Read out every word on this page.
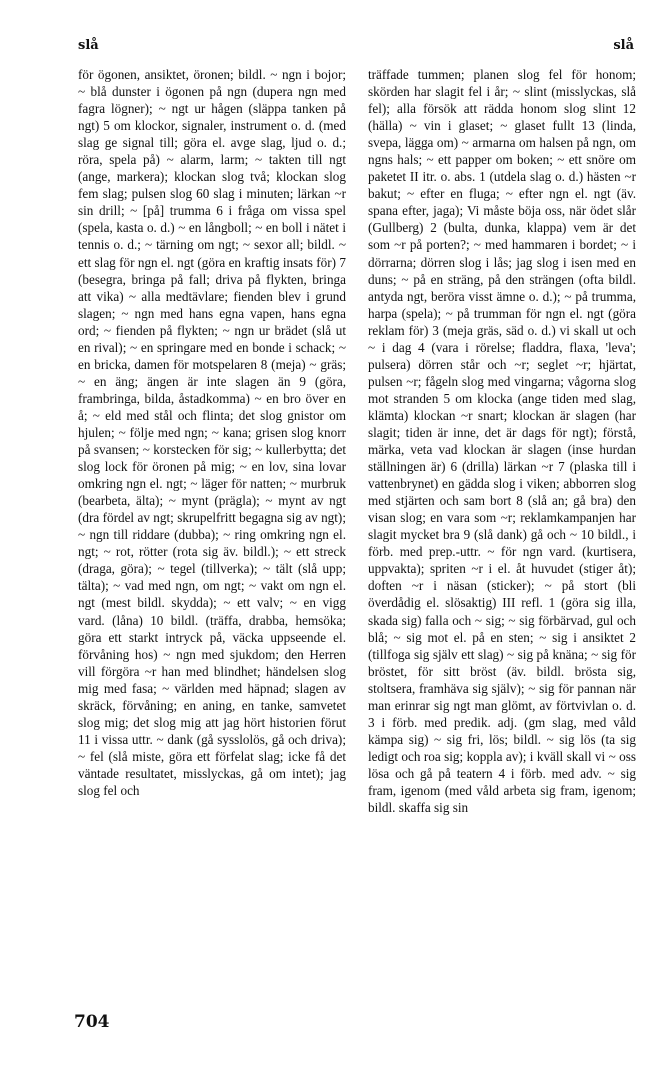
slå	slå

för ögonen, ansiktet, öronen; bildl. ~ ngn i bojor; ~ blå dunster i ögonen på ngn (dupera ngn med fagra lögner); ~ ngt ur hågen (släppa tanken på ngt) 5 om klockor, signaler, instrument o. d. (med slag ge signal till; göra el. avge slag, ljud o. d.; röra, spela på) ~ alarm, larm; ~ takten till ngt (ange, markera); klockan slog två; klockan slog fem slag; pulsen slog 60 slag i minuten; lärkan ~r sin drill; ~ [på] trumma 6 i fråga om vissa spel (spela, kasta o. d.) ~ en långboll; ~ en boll i nätet i tennis o. d.; ~ tärning om ngt; ~ sexor all; bildl. ~ ett slag för ngn el. ngt (göra en kraftig insats för) 7 (besegra, bringa på fall; driva på flykten, bringa att vika) ~ alla medtävlare; fienden blev i grund slagen; ~ ngn med hans egna vapen, hans egna ord; ~ fienden på flykten; ~ ngn ur brädet (slå ut en rival); ~ en springare med en bonde i schack; ~ en bricka, damen för motspelaren 8 (meja) ~ gräs; ~ en äng; ängen är inte slagen än 9 (göra, frambringa, bilda, åstadkomma) ~ en bro över en å; ~ eld med stål och flinta; det slog gnistor om hjulen; ~ följe med ngn; ~ kana; grisen slog knorr på svansen; ~ korstecken för sig; ~ kullerbytta; det slog lock för öronen på mig; ~ en lov, sina lovar omkring ngn el. ngt; ~ läger för natten; ~ murbruk (bearbeta, älta); ~ mynt (prägla); ~ mynt av ngt (dra fördel av ngt; skrupelfritt begagna sig av ngt); ~ ngn till riddare (dubba); ~ ring omkring ngn el. ngt; ~ rot, rötter (rota sig äv. bildl.); ~ ett streck (draga, göra); ~ tegel (tillverka); ~ tält (slå upp; tälta); ~ vad med ngn, om ngt; ~ vakt om ngn el. ngt (mest bildl. skydda); ~ ett valv; ~ en vigg vard. (låna) 10 bildl. (träffa, drabba, hemsöka; göra ett starkt intryck på, väcka uppseende el. förvåning hos) ~ ngn med sjukdom; den Herren vill förgöra ~r han med blindhet; händelsen slog mig med fasa; ~ världen med häpnad; slagen av skräck, förvåning; en aning, en tanke, samvetet slog mig; det slog mig att jag hört historien förut 11 i vissa uttr. ~ dank (gå sysslolös, gå och driva); ~ fel (slå miste, göra ett förfelat slag; icke få det väntade resultatet, misslyckas, gå om intet); jag slog fel och

träffade tummen; planen slog fel för honom; skörden har slagit fel i år; ~ slint (misslyckas, slå fel); alla försök att rädda honom slog slint 12 (hälla) ~ vin i glaset; ~ glaset fullt 13 (linda, svepa, lägga om) ~ armarna om halsen på ngn, om ngns hals; ~ ett papper om boken; ~ ett snöre om paketet II itr. o. abs. 1 (utdela slag o. d.) hästen ~r bakut; ~ efter en fluga; ~ efter ngn el. ngt (äv. spana efter, jaga); Vi måste böja oss, när ödet slår (Gullberg) 2 (bulta, dunka, klappa) vem är det som ~r på porten?; ~ med hammaren i bordet; ~ i dörrarna; dörren slog i lås; jag slog i isen med en duns; ~ på en sträng, på den strängen (ofta bildl. antyda ngt, beröra visst ämne o. d.); ~ på trumma, harpa (spela); ~ på trumman för ngn el. ngt (göra reklam för) 3 (meja gräs, säd o. d.) vi skall ut och ~ i dag 4 (vara i rörelse; fladdra, flaxa, 'leva'; pulsera) dörren står och ~r; seglet ~r; hjärtat, pulsen ~r; fågeln slog med vingarna; vågorna slog mot stranden 5 om klocka (ange tiden med slag, klämta) klockan ~r snart; klockan är slagen (har slagit; tiden är inne, det är dags för ngt); förstå, märka, veta vad klockan är slagen (inse hurdan ställningen är) 6 (drilla) lärkan ~r 7 (plaska till i vattenbrynet) en gädda slog i viken; abborren slog med stjärten och sam bort 8 (slå an; gå bra) den visan slog; en vara som ~r; reklamkampanjen har slagit mycket bra 9 (slå dank) gå och ~ 10 bildl., i förb. med prep.-uttr. ~ för ngn vard. (kurtisera, uppvakta); spriten ~r i el. åt huvudet (stiger åt); doften ~r i näsan (sticker); ~ på stort (bli överdådig el. slösaktig) III refl. 1 (göra sig illa, skada sig) falla och ~ sig; ~ sig förbärvad, gul och blå; ~ sig mot el. på en sten; ~ sig i ansiktet 2 (tillfoga sig själv ett slag) ~ sig på knäna; ~ sig för bröstet, för sitt bröst (äv. bildl. brösta sig, stoltsera, framhäva sig själv); ~ sig för pannan när man erinrar sig ngt man glömt, av förtvivlan o. d. 3 i förb. med predik. adj. (gm slag, med våld kämpa sig) ~ sig fri, lös; bildl. ~ sig lös (ta sig ledigt och roa sig; koppla av); i kväll skall vi ~ oss lösa och gå på teatern 4 i förb. med adv. ~ sig fram, igenom (med våld arbeta sig fram, igenom; bildl. skaffa sig sin

704
